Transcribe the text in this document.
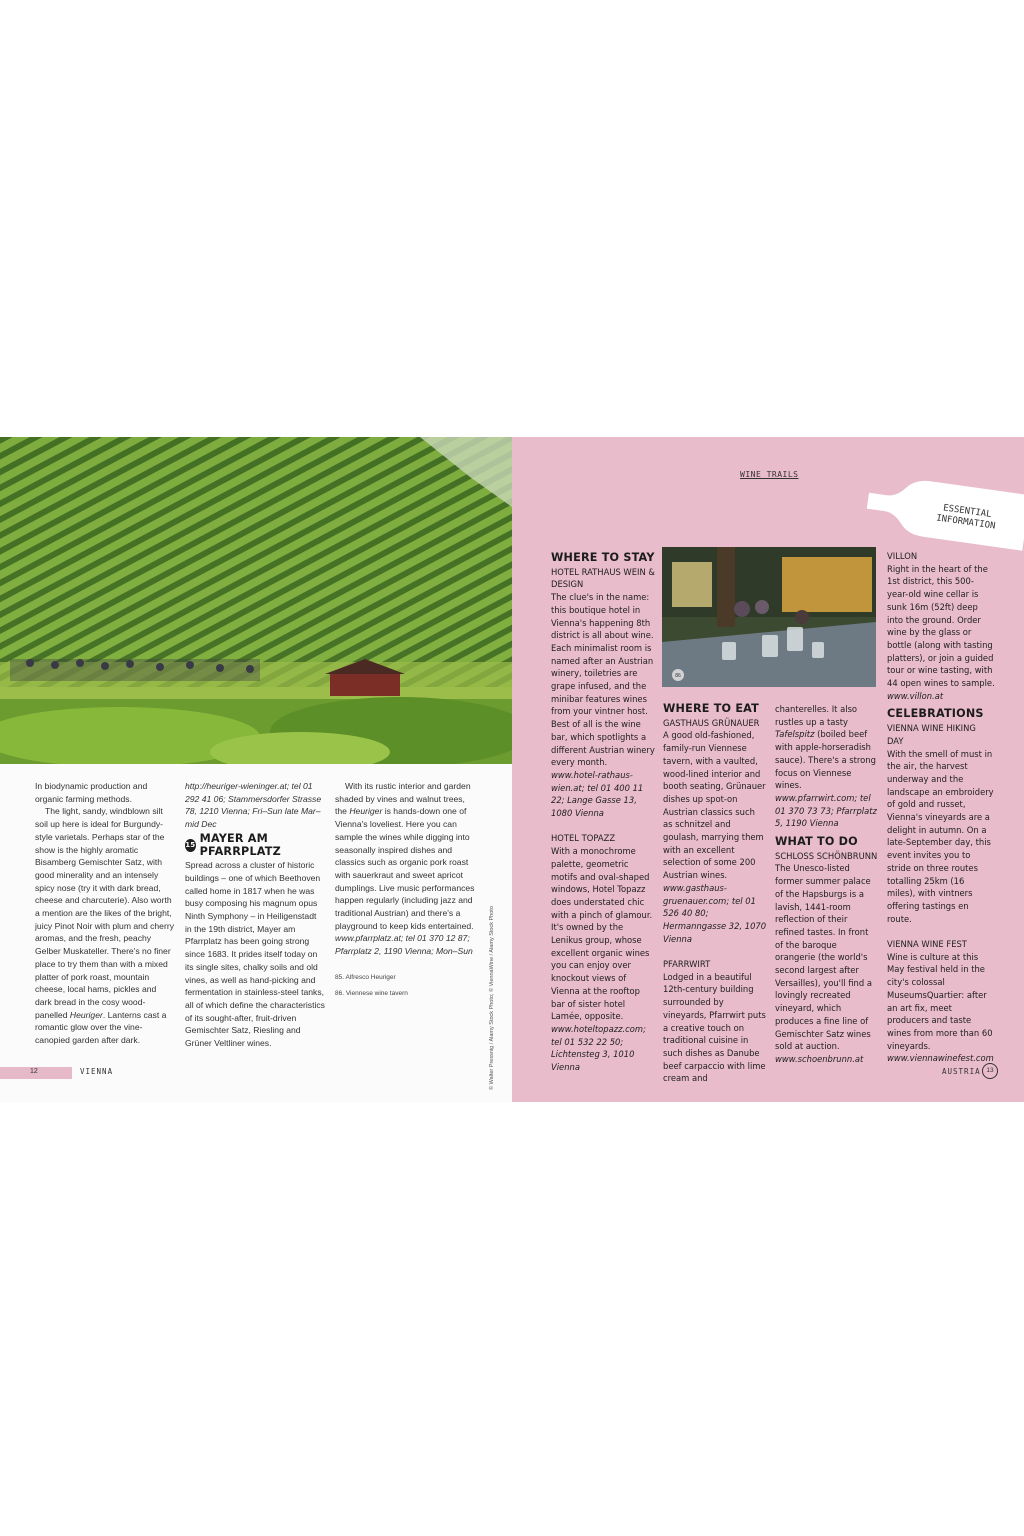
In biodynamic production and organic farming methods.

The light, sandy, windblown silt soil up here is ideal for Burgundy-style varietals. Perhaps star of the show is the highly aromatic Bisamberg Gemischter Satz, with good minerality and an intensely spicy nose (try it with dark bread, cheese and charcuterie). Also worth a mention are the likes of the bright, juicy Pinot Noir with plum and cherry aromas, and the fresh, peachy Gelber Muskateller. There's no finer place to try them than with a mixed platter of pork roast, mountain cheese, local hams, pickles and dark bread in the cosy wood-panelled Heuriger. Lanterns cast a romantic glow over the vine-canopied garden after dark.

http://heuriger-wieninger.at; tel 01 292 41 06; Stammersdorfer Strasse 78, 1210 Vienna; Fri–Sun late Mar–mid Dec

15
MAYER AM PFARRPLATZ

Spread across a cluster of historic buildings – one of which Beethoven called home in 1817 when he was busy composing his magnum opus Ninth Symphony – in Heiligenstadt in the 19th district, Mayer am Pfarrplatz has been going strong since 1683. It prides itself today on its single sites, chalky soils and old vines, as well as hand-picking and fermentation in stainless-steel tanks, all of which define the characteristics of its sought-after, fruit-driven Gemischter Satz, Riesling and Grüner Veltliner wines.

With its rustic interior and garden shaded by vines and walnut trees, the Heuriger is hands-down one of Vienna's loveliest. Here you can sample the wines while digging into seasonally inspired dishes and classics such as organic pork roast with sauerkraut and sweet apricot dumplings. Live music performances happen regularly (including jazz and traditional Austrian) and there's a playground to keep kids entertained.

www.pfarrplatz.at; tel 01 370 12 87; Pfarrplatz 2, 1190 Vienna; Mon–Sun

85. Alfresco Heuriger

86. Viennese wine tavern	© Walter Pressnig / Alamy Stock Photo; © ViennaWine / Alamy Stock Photo
12	VIENNA
WINE TRAILS
ESSENTIAL INFORMATION
WHERE TO STAY

HOTEL RATHAUS WEIN & DESIGN

The clue's in the name: this boutique hotel in Vienna's happening 8th district is all about wine. Each minimalist room is named after an Austrian winery, toiletries are grape infused, and the minibar features wines from your vintner host. Best of all is the wine bar, which spotlights a different Austrian winery every month.

www.hotel-rathaus-wien.at; tel 01 400 11 22; Lange Gasse 13, 1080 Vienna

HOTEL TOPAZZ

With a monochrome palette, geometric motifs and oval-shaped windows, Hotel Topazz does understated chic with a pinch of glamour. It's owned by the Lenikus group, whose excellent organic wines you can enjoy over knockout views of Vienna at the rooftop bar of sister hotel Lamée, opposite.

www.hoteltopazz.com; tel 01 532 22 50; Lichtensteg 3, 1010 Vienna

86
WHERE TO EAT

GASTHAUS GRÜNAUER

A good old-fashioned, family-run Viennese tavern, with a vaulted, wood-lined interior and booth seating, Grünauer dishes up spot-on Austrian classics such as schnitzel and goulash, marrying them with an excellent selection of some 200 Austrian wines.

www.gasthaus-gruenauer.com; tel 01 526 40 80; Hermanngasse 32, 1070 Vienna

PFARRWIRT

Lodged in a beautiful 12th-century building surrounded by vineyards, Pfarrwirt puts a creative touch on traditional cuisine in such dishes as Danube beef carpaccio with lime cream and

chanterelles. It also rustles up a tasty Tafelspitz (boiled beef with apple-horseradish sauce). There's a strong focus on Viennese wines.

www.pfarrwirt.com; tel 01 370 73 73; Pfarrplatz 5, 1190 Vienna

WHAT TO DO

SCHLOSS SCHÖNBRUNN

The Unesco-listed former summer palace of the Hapsburgs is a lavish, 1441-room reflection of their refined tastes. In front of the baroque orangerie (the world's second largest after Versailles), you'll find a lovingly recreated vineyard, which produces a fine line of Gemischter Satz wines sold at auction.

www.schoenbrunn.at

VILLON

Right in the heart of the 1st district, this 500-year-old wine cellar is sunk 16m (52ft) deep into the ground. Order wine by the glass or bottle (along with tasting platters), or join a guided tour or wine tasting, with 44 open wines to sample.

www.villon.at

CELEBRATIONS

VIENNA WINE HIKING DAY

With the smell of must in the air, the harvest underway and the landscape an embroidery of gold and russet, Vienna's vineyards are a delight in autumn. On a late-September day, this event invites you to stride on three routes totalling 25km (16 miles), with vintners offering tastings en route.

VIENNA WINE FEST

Wine is culture at this May festival held in the city's colossal MuseumsQuartier: after an art fix, meet producers and taste wines from more than 60 vineyards.

www.viennawinefest.com

AUSTRIA 13
